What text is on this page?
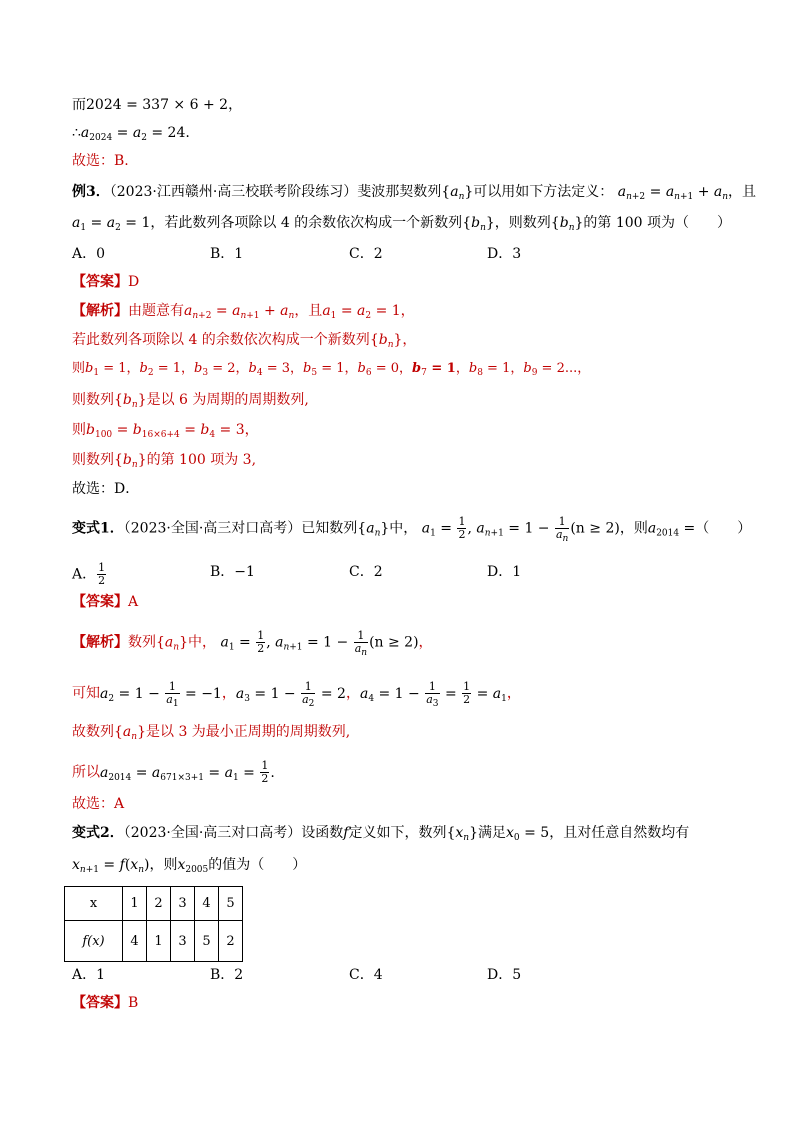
而2024 = 337 × 6 + 2，
$\therefore a_{2024} = a_2 = 24$.
故选：B.
例3．（2023·江西赣州·高三校联考阶段练习）斐波那契数列$\{a_n\}$可以用如下方法定义： $a_{n+2} = a_{n+1} + a_n$，且
$a_1 = a_2 = 1$，若此数列各项除以 4 的余数依次构成一个新数列$\{b_n\}$，则数列$\{b_n\}$的第 100 项为（　　）
A．0	B．1	C．2	D．3
【答案】D
【解析】由题意有$a_{n+2} = a_{n+1} + a_n$，且$a_1 = a_2 = 1$，
若此数列各项除以 4 的余数依次构成一个新数列$\{b_n\}$，
则$b_1 = 1$，$b_2 = 1$，$b_3 = 2$，$b_4 = 3$，$b_5 = 1$，$b_6 = 0$，$b_7 = 1$，$b_8 = 1$，$b_9 = 2$...，
则数列$\{b_n\}$是以 6 为周期的周期数列,
则$b_{100} = b_{16\times 6+4} = b_4 = 3$，
则数列$\{b_n\}$的第 100 项为 3,
故选：D．
变式1．（2023·全国·高三对口高考）已知数列$\{a_n\}$中， $a_1 = \frac{1}{2}$ , $a_{n+1} = 1 - \frac{1}{a_n} (n \ge 2)$，则$a_{2014}$ =（　　）
A． $\frac{1}{2}$	B．−1	C．2	D．1
【答案】A
【解析】数列$\{a_n\}$中， $a_1 = \frac{1}{2}$ , $a_{n+1} = 1 - \frac{1}{a_n} (n \ge 2)$，
可知$a_2 = 1 - \frac{1}{a_1} = -1$，$a_3 = 1 - \frac{1}{a_2} = 2$，$a_4 = 1 - \frac{1}{a_3} = \frac{1}{2} = a_1$，
故数列$\{a_n\}$是以 3 为最小正周期的周期数列,
所以$a_{2014} = a_{671\times 3+1} = a_1 = \frac{1}{2}$ .
故选：A
变式2．（2023·全国·高三对口高考）设函数f定义如下，数列$\{x_n\}$满足$x_0 = 5$，且对任意自然数均有
$x_{n+1} = f(x_n)$，则$x_{2005}$的值为（　　）
x	1	2	3	4	5
f(x)	4	1	3	5	2
A．1	B．2	C．4	D．5
【答案】B
